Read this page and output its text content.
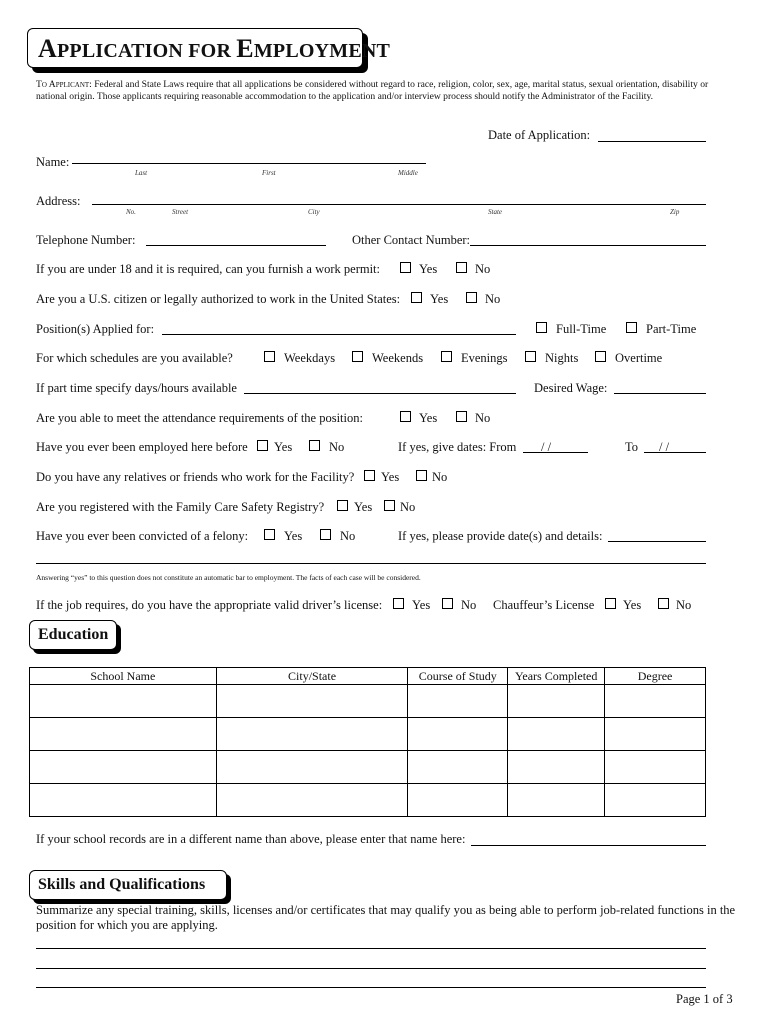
APPLICATION FOR EMPLOYMENT
To Applicant: Federal and State Laws require that all applications be considered without regard to race, religion, color, sex, age, marital status, sexual orientation, disability or national origin. Those applicants requiring reasonable accommodation to the application and/or interview process should notify the Administrator of the Facility.
Date of Application:
Name:
Last	First	Middle
Address:
No.	Street	City	State	Zip
Telephone Number:	Other Contact Number:
If you are under 18 and it is required, can you furnish a work permit:	Yes	No
Are you a U.S. citizen or legally authorized to work in the United States: Yes	No
Position(s) Applied for:	Full-Time	Part-Time
For which schedules are you available?	Weekdays	Weekends	Evenings	Nights	Overtime
If part time specify days/hours available	Desired Wage:
Are you able to meet the attendance requirements of the position:	Yes	No
Have you ever been employed here before Yes	No	If yes, give dates: From / /	To / /
Do you have any relatives or friends who work for the Facility? Yes	No
Are you registered with the Family Care Safety Registry? Yes No
Have you ever been convicted of a felony:	Yes	No	If yes, please provide date(s) and details:
Answering “yes” to this question does not constitute an automatic bar to employment. The facts of each case will be considered.
If the job requires, do you have the appropriate valid driver’s license: Yes No Chauffeur’s License Yes	No
Education
School Name	City/State	Course of Study	Years Completed	Degree

If your school records are in a different name than above, please enter that name here:
Skills and Qualifications
Summarize any special training, skills, licenses and/or certificates that may qualify you as being able to perform job-related functions in the position for which you are applying.
Page 1 of 3
